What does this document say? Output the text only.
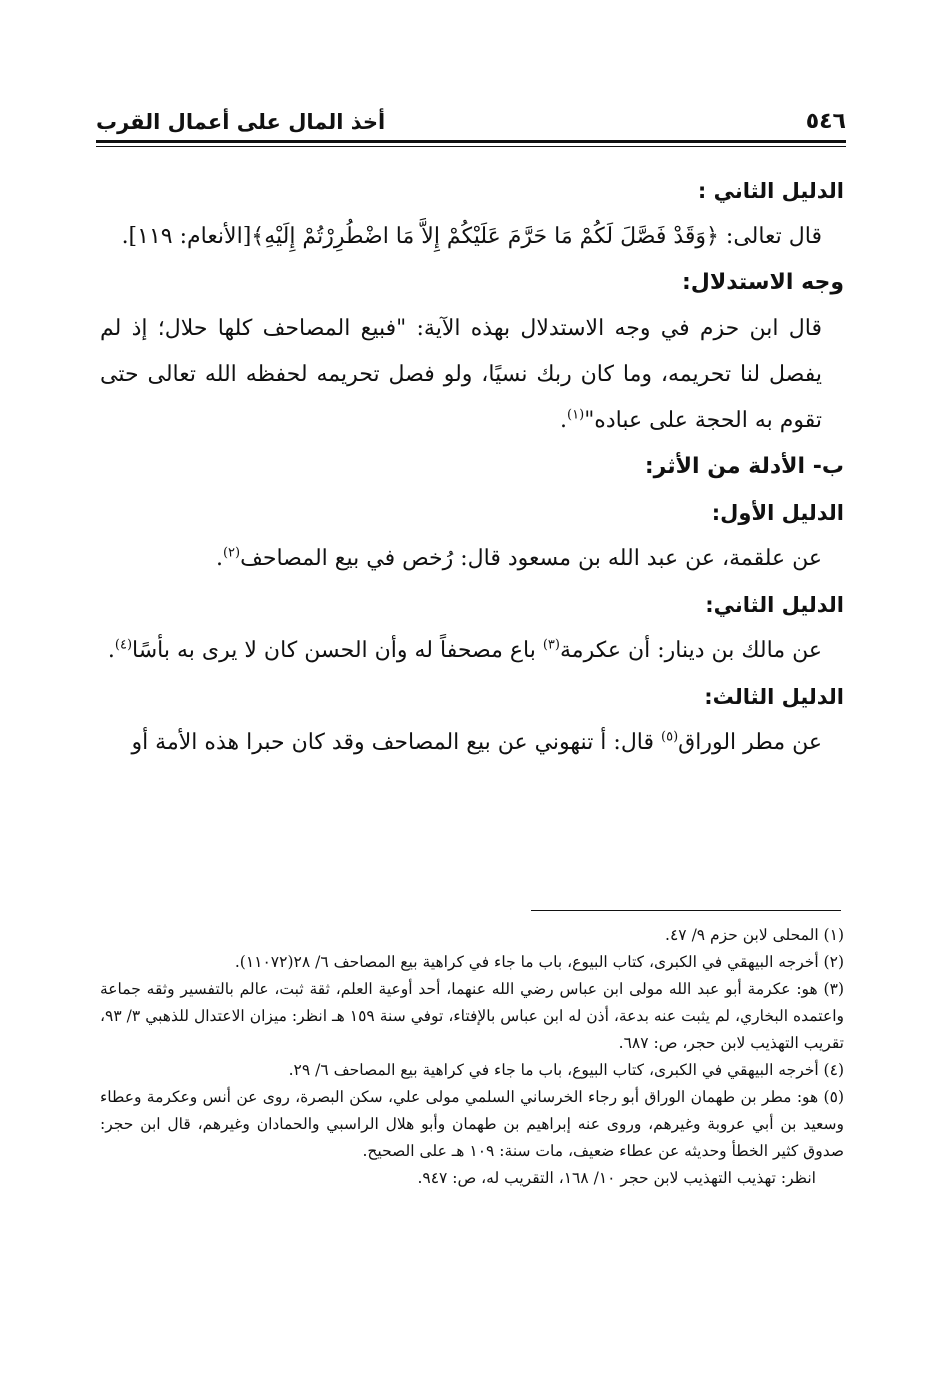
٥٤٦
أخذ المال على أعمال القرب

الدليل الثاني :

قال تعالى: ﴿وَقَدْ فَصَّلَ لَكُمْ مَا حَرَّمَ عَلَيْكُمْ إِلاَّ مَا اضْطُرِرْتُمْ إِلَيْهِ﴾[الأنعام: ١١٩].

وجه الاستدلال:

قال ابن حزم في وجه الاستدلال بهذه الآية: "فبيع المصاحف كلها حلال؛ إذ لم يفصل لنا تحريمه، وما كان ربك نسيًا، ولو فصل تحريمه لحفظه الله تعالى حتى تقوم به الحجة على عباده"$^{(١)}$.

ب- الأدلة من الأثر:

الدليل الأول:

عن علقمة، عن عبد الله بن مسعود قال: رُخص في بيع المصاحف$^{(٢)}$.

الدليل الثاني:

عن مالك بن دينار: أن عكرمة$^{(٣)}$ باع مصحفاً له وأن الحسن كان لا يرى به بأسًا$^{(٤)}$.

الدليل الثالث:

عن مطر الوراق$^{(٥)}$ قال: أ تنهوني عن بيع المصاحف وقد كان حبرا هذه الأمة أو

(١) المحلى لابن حزم ٩/ ٤٧.

(٢) أخرجه البيهقي في الكبرى، كتاب البيوع، باب ما جاء في كراهية بيع المصاحف ٦/ ٢٨(١١٠٧٢).

(٣) هو: عكرمة أبو عبد الله مولى ابن عباس رضي الله عنهما، أحد أوعية العلم، ثقة ثبت، عالم بالتفسير وثقه جماعة واعتمده البخاري، لم يثبت عنه بدعة، أذن له ابن عباس بالإفتاء، توفي سنة ١٥٩ هـ انظر: ميزان الاعتدال للذهبي ٣/ ٩٣، تقريب التهذيب لابن حجر، ص: ٦٨٧.

(٤) أخرجه البيهقي في الكبرى، كتاب البيوع، باب ما جاء في كراهية بيع المصاحف ٦/ ٢٩.

(٥) هو: مطر بن طهمان الوراق أبو رجاء الخرساني السلمي مولى علي، سكن البصرة، روى عن أنس وعكرمة وعطاء وسعيد بن أبي عروبة وغيرهم، وروى عنه إبراهيم بن طهمان وأبو هلال الراسبي والحمادان وغيرهم، قال ابن حجر: صدوق كثير الخطأ وحديثه عن عطاء ضعيف، مات سنة: ١٠٩ هـ على الصحيح.

انظر: تهذيب التهذيب لابن حجر ١٠/ ١٦٨، التقريب له، ص: ٩٤٧.
